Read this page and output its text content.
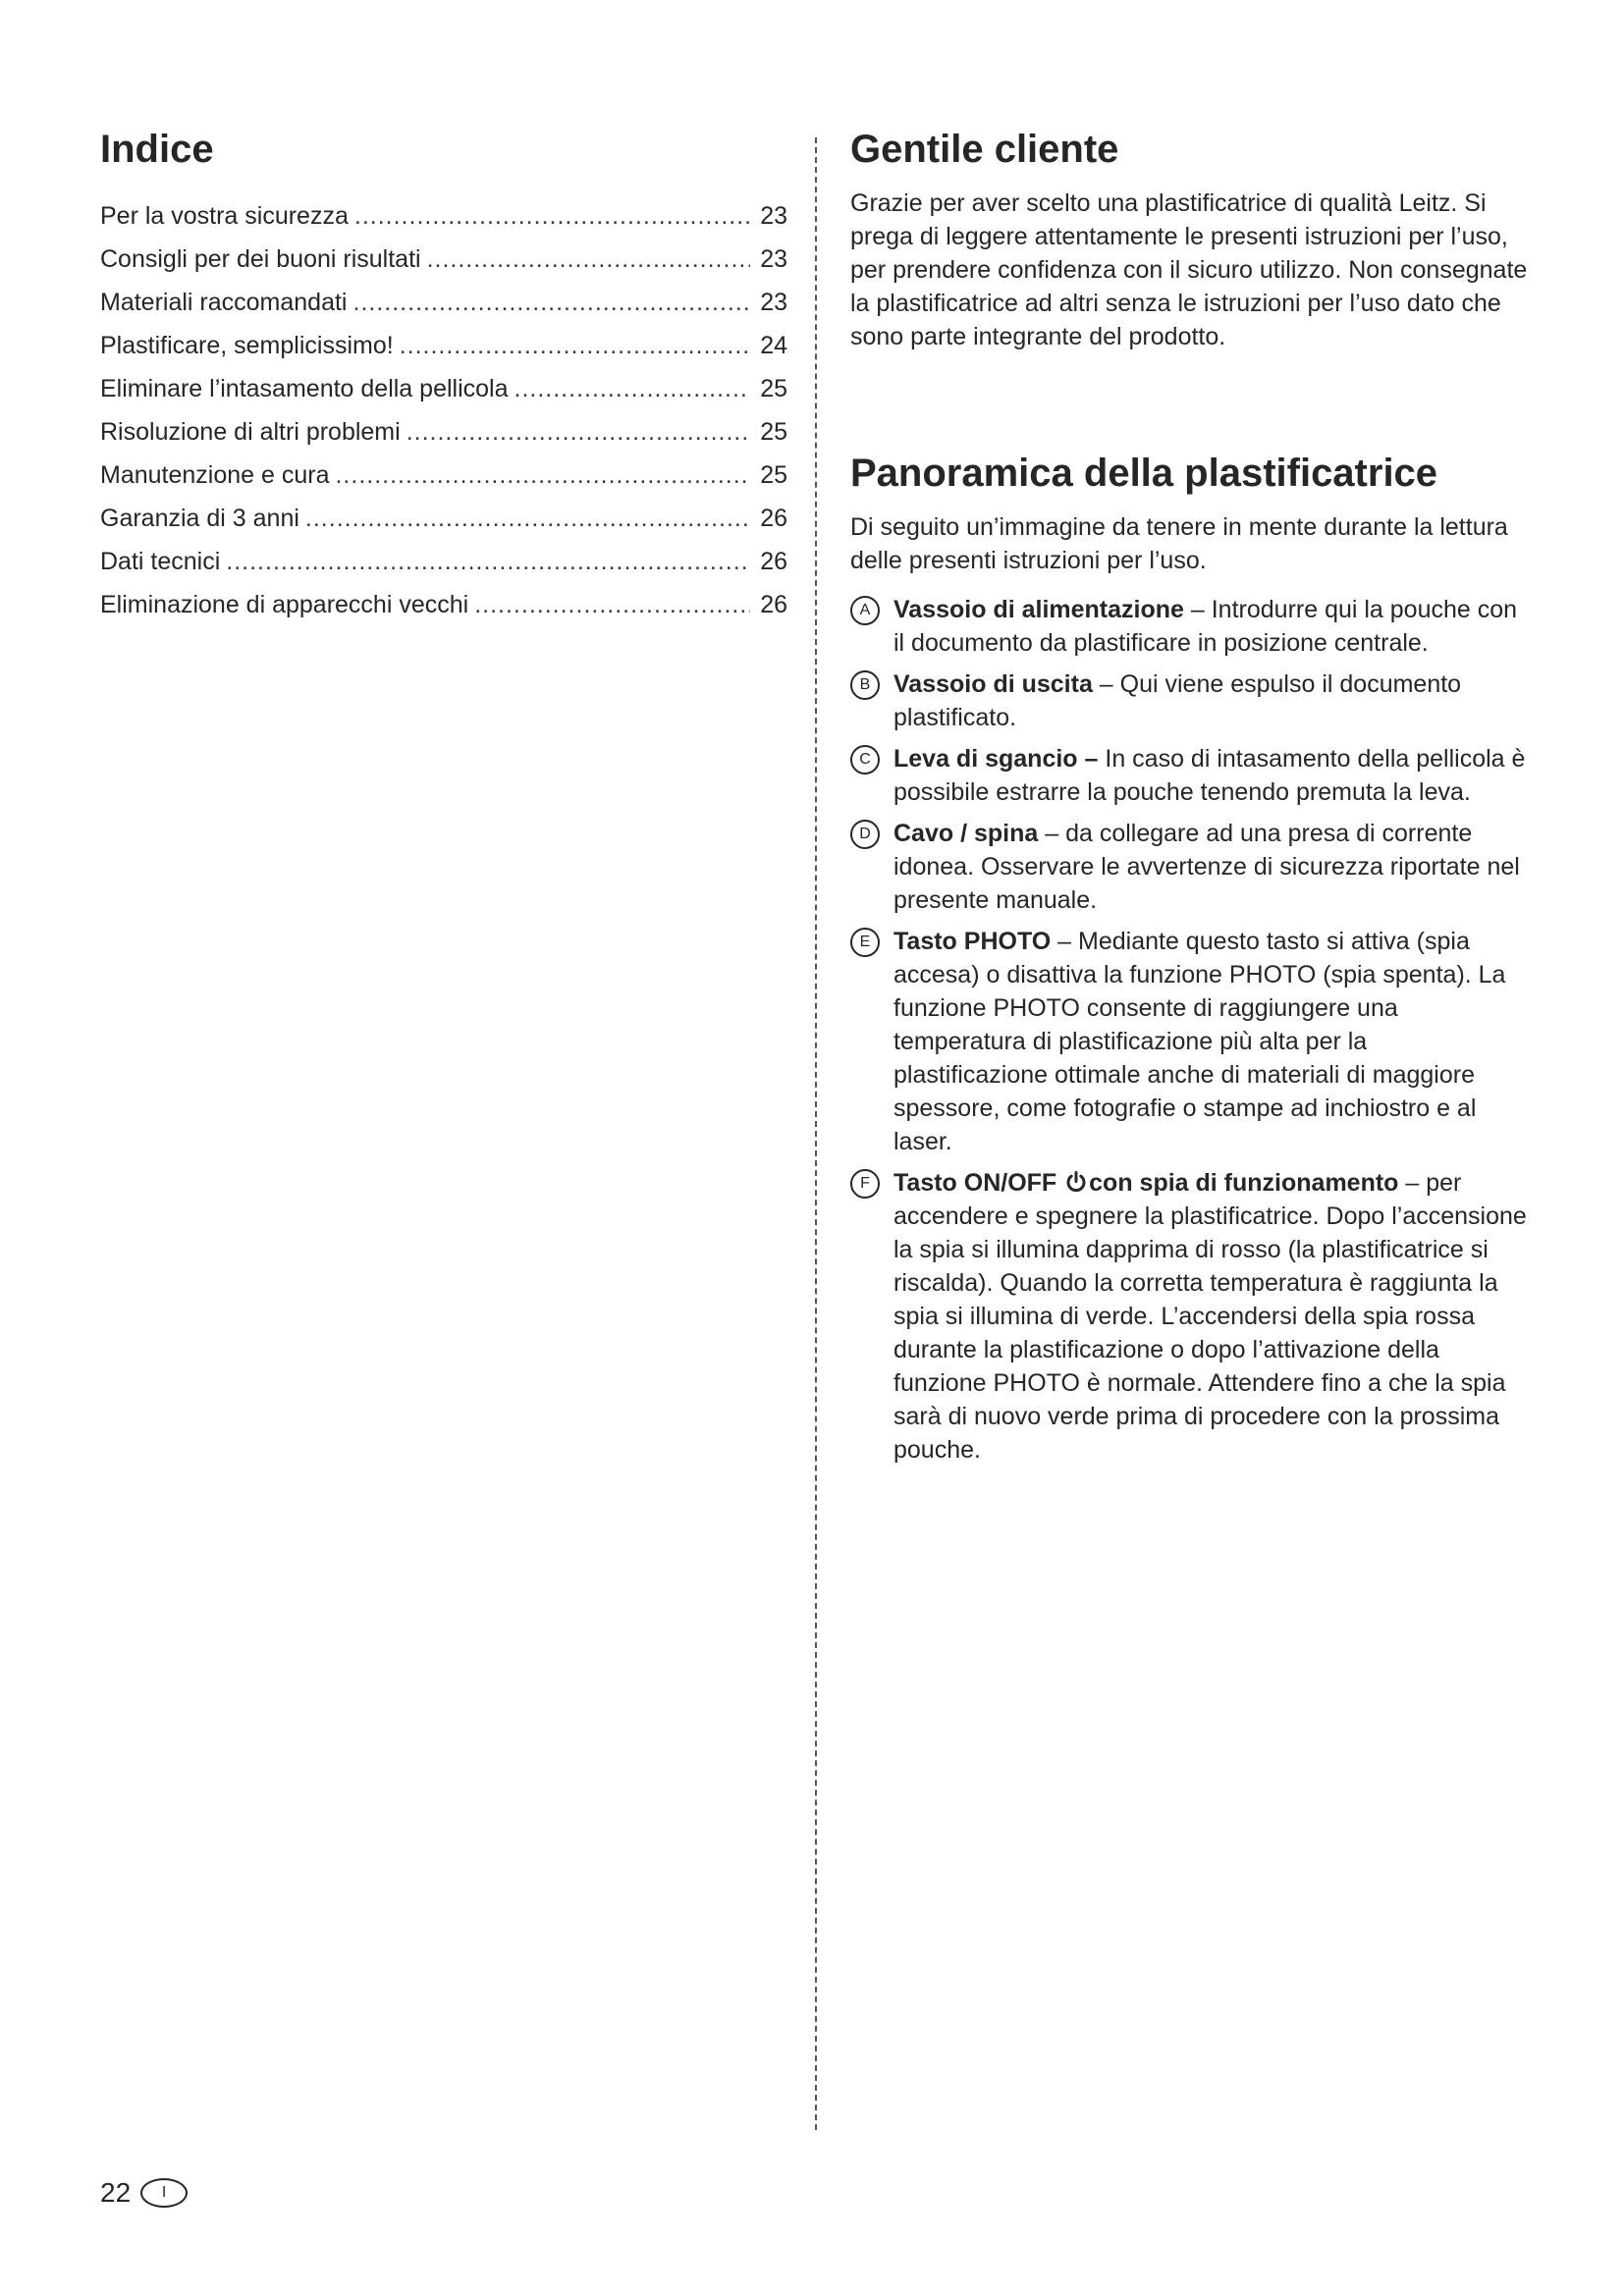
Indice
Per la vostra sicurezza .....	23
Consigli per dei buoni risultati .....	23
Materiali raccomandati .....	23
Plastificare, semplicissimo! .....	24
Eliminare l’intasamento della pellicola .....	25
Risoluzione di altri problemi .....	25
Manutenzione e cura .....	25
Garanzia di 3 anni .....	26
Dati tecnici .....	26
Eliminazione di apparecchi vecchi .....	26
Gentile cliente

Grazie per aver scelto una plastificatrice di qualità Leitz. Si prega di leggere attentamente le presenti istruzioni per l’uso, per prendere confidenza con il sicuro utilizzo. Non consegnate la plastificatrice ad altri senza le istruzioni per l’uso dato che sono parte integrante del prodotto.

Panoramica della plastificatrice

Di seguito un’immagine da tenere in mente durante la lettura delle presenti istruzioni per l’uso.

A Vassoio di alimentazione – Introdurre qui la pouche con il documento da plastificare in posizione centrale.
B Vassoio di uscita – Qui viene espulso il documento plastificato.
C Leva di sgancio – In caso di intasamento della pellicola è possibile estrarre la pouche tenendo premuta la leva.
D Cavo / spina – da collegare ad una presa di corrente idonea. Osservare le avvertenze di sicurezza riportate nel presente manuale.
E Tasto PHOTO – Mediante questo tasto si attiva (spia accesa) o disattiva la funzione PHOTO (spia spenta). La funzione PHOTO consente di raggiungere una temperatura di plastificazione più alta per la plastificazione ottimale anche di materiali di maggiore spessore, come fotografie o stampe ad inchiostro e al laser.
F Tasto ON/OFF con spia di funzionamento – per accendere e spegnere la plastificatrice. Dopo l’accensione la spia si illumina dapprima di rosso (la plastificatrice si riscalda). Quando la corretta temperatura è raggiunta la spia si illumina di verde. L’accendersi della spia rossa durante la plastificazione o dopo l’attivazione della funzione PHOTO è normale. Attendere fino a che la spia sarà di nuovo verde prima di procedere con la prossima pouche.
22	I
